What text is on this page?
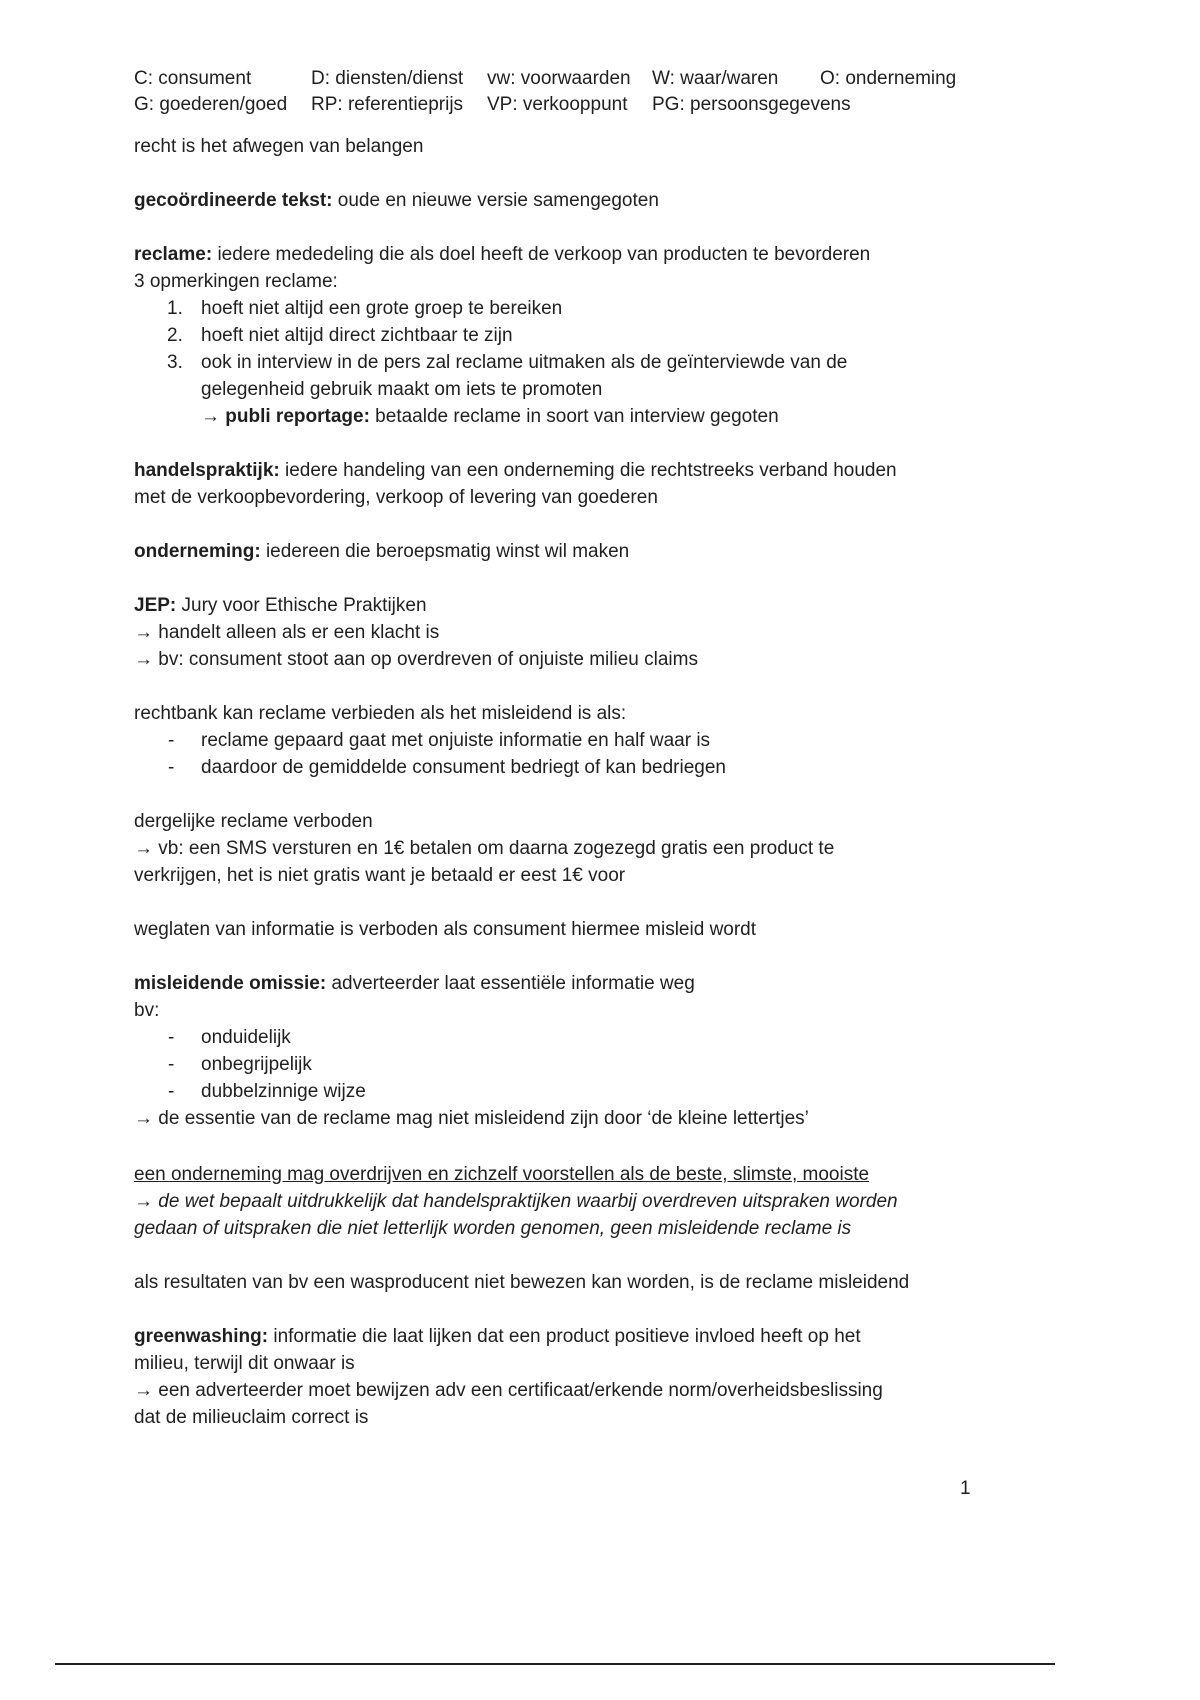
C: consument	D: diensten/dienst vw: voorwaarden W: waar/waren O: onderneming
G: goederen/goed RP: referentieprijs VP: verkooppunt PG: persoonsgegevens
recht is het afwegen van belangen
gecoördineerde tekst: oude en nieuwe versie samengegoten
reclame: iedere mededeling die als doel heeft de verkoop van producten te bevorderen
3 opmerkingen reclame:
1. hoeft niet altijd een grote groep te bereiken
2. hoeft niet altijd direct zichtbaar te zijn
3. ook in interview in de pers zal reclame uitmaken als de geïnterviewde van de
gelegenheid gebruik maakt om iets te promoten
→ publi reportage: betaalde reclame in soort van interview gegoten
handelspraktijk: iedere handeling van een onderneming die rechtstreeks verband houden
met de verkoopbevordering, verkoop of levering van goederen
onderneming: iedereen die beroepsmatig winst wil maken
JEP: Jury voor Ethische Praktijken
→ handelt alleen als er een klacht is
→ bv: consument stoot aan op overdreven of onjuiste milieu claims
rechtbank kan reclame verbieden als het misleidend is als:
- reclame gepaard gaat met onjuiste informatie en half waar is
- daardoor de gemiddelde consument bedriegt of kan bedriegen
dergelijke reclame verboden
→ vb: een SMS versturen en 1€ betalen om daarna zogezegd gratis een product te
verkrijgen, het is niet gratis want je betaald er eest 1€ voor
weglaten van informatie is verboden als consument hiermee misleid wordt
misleidende omissie: adverteerder laat essentiële informatie weg
bv:
- onduidelijk
- onbegrijpelijk
- dubbelzinnige wijze
→ de essentie van de reclame mag niet misleidend zijn door ‘de kleine lettertjes’
een onderneming mag overdrijven en zichzelf voorstellen als de beste, slimste, mooiste
→ de wet bepaalt uitdrukkelijk dat handelspraktijken waarbij overdreven uitspraken worden
gedaan of uitspraken die niet letterlijk worden genomen, geen misleidende reclame is
als resultaten van bv een wasproducent niet bewezen kan worden, is de reclame misleidend
greenwashing: informatie die laat lijken dat een product positieve invloed heeft op het
milieu, terwijl dit onwaar is
→ een adverteerder moet bewijzen adv een certificaat/erkende norm/overheidsbeslissing
dat de milieuclaim correct is
1
